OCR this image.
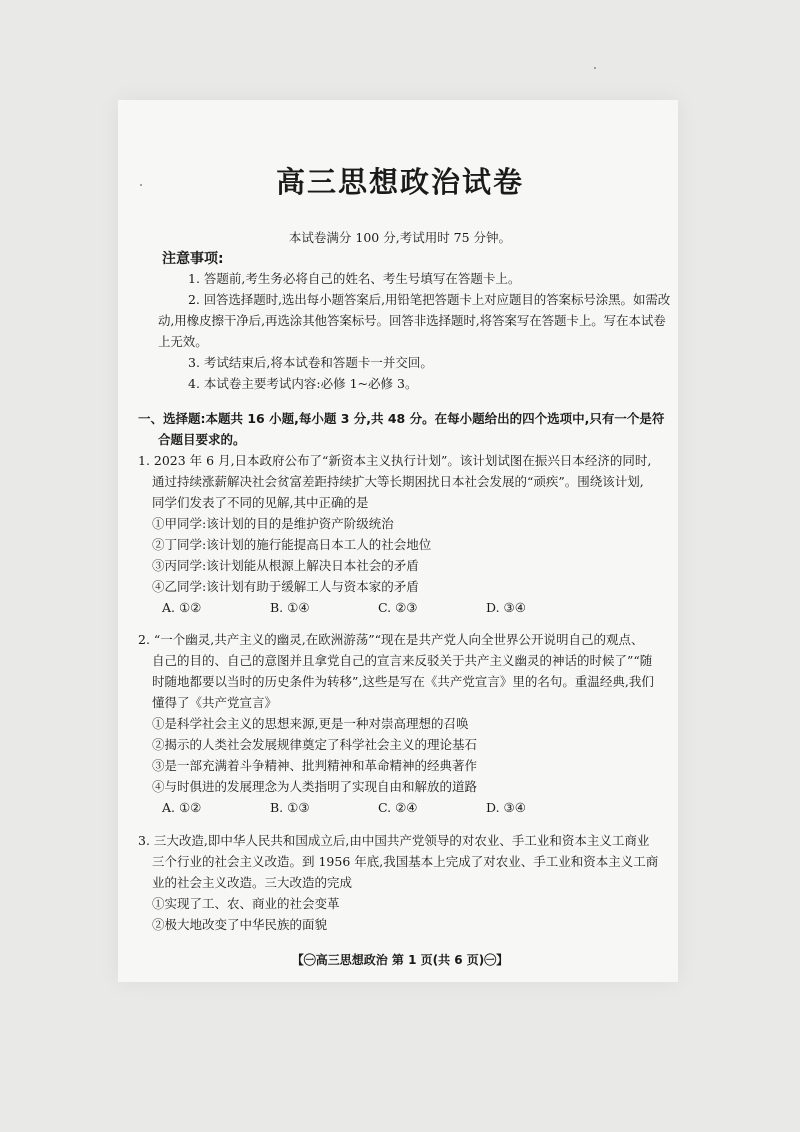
高三思想政治试卷
本试卷满分 100 分,考试用时 75 分钟。
注意事项:
1. 答题前,考生务必将自己的姓名、考生号填写在答题卡上。
2. 回答选择题时,选出每小题答案后,用铅笔把答题卡上对应题目的答案标号涂黑。如需改动,用橡皮擦干净后,再选涂其他答案标号。回答非选择题时,将答案写在答题卡上。写在本试卷上无效。
3. 考试结束后,将本试卷和答题卡一并交回。
4. 本试卷主要考试内容:必修 1~必修 3。
一、选择题:本题共 16 小题,每小题 3 分,共 48 分。在每小题给出的四个选项中,只有一个是符
合题目要求的。
1. 2023 年 6 月,日本政府公布了“新资本主义执行计划”。该计划试图在振兴日本经济的同时,
通过持续涨薪解决社会贫富差距持续扩大等长期困扰日本社会发展的“顽疾”。围绕该计划,
同学们发表了不同的见解,其中正确的是
①甲同学:该计划的目的是维护资产阶级统治
②丁同学:该计划的施行能提高日本工人的社会地位
③丙同学:该计划能从根源上解决日本社会的矛盾
④乙同学:该计划有助于缓解工人与资本家的矛盾
A. ①②	B. ①④	C. ②③	D. ③④
2. “一个幽灵,共产主义的幽灵,在欧洲游荡”“现在是共产党人向全世界公开说明自己的观点、
自己的目的、自己的意图并且拿党自己的宣言来反驳关于共产主义幽灵的神话的时候了”“随
时随地都要以当时的历史条件为转移”,这些是写在《共产党宣言》里的名句。重温经典,我们
懂得了《共产党宣言》
①是科学社会主义的思想来源,更是一种对崇高理想的召唤
②揭示的人类社会发展规律奠定了科学社会主义的理论基石
③是一部充满着斗争精神、批判精神和革命精神的经典著作
④与时俱进的发展理念为人类指明了实现自由和解放的道路
A. ①②	B. ①③	C. ②④	D. ③④
3. 三大改造,即中华人民共和国成立后,由中国共产党领导的对农业、手工业和资本主义工商业
三个行业的社会主义改造。到 1956 年底,我国基本上完成了对农业、手工业和资本主义工商
业的社会主义改造。三大改造的完成
①实现了工、农、商业的社会变革
②极大地改变了中华民族的面貌
【㊀高三思想政治 第 1 页(共 6 页)㊀】
